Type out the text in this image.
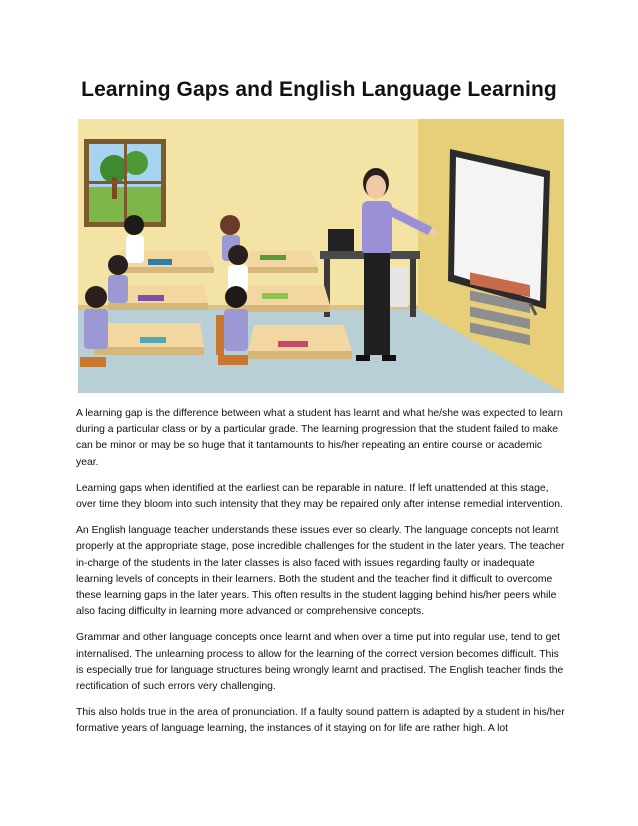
Learning Gaps and English Language Learning

A learning gap is the difference between what a student has learnt and what he/she was expected to learn during a particular class or by a particular grade. The learning progression that the student failed to make can be minor or may be so huge that it tantamounts to his/her repeating an entire course or academic year.

Learning gaps when identified at the earliest can be reparable in nature. If left unattended at this stage, over time they bloom into such intensity that they may be repaired only after intense remedial intervention.

An English language teacher understands these issues ever so clearly. The language concepts not learnt properly at the appropriate stage, pose incredible challenges for the student in the later years. The teacher in-charge of the students in the later classes is also faced with issues regarding faulty or inadequate learning levels of concepts in their learners. Both the student and the teacher find it difficult to overcome these learning gaps in the later years. This often results in the student lagging behind his/her peers while also facing difficulty in learning more advanced or comprehensive concepts.

Grammar and other language concepts once learnt and when over a time put into regular use, tend to get internalised. The unlearning process to allow for the learning of the correct version becomes difficult. This is especially true for language structures being wrongly learnt and practised. The English teacher finds the rectification of such errors very challenging.

This also holds true in the area of pronunciation. If a faulty sound pattern is adapted by a student in his/her formative years of language learning, the instances of it staying on for life are rather high. A lot
